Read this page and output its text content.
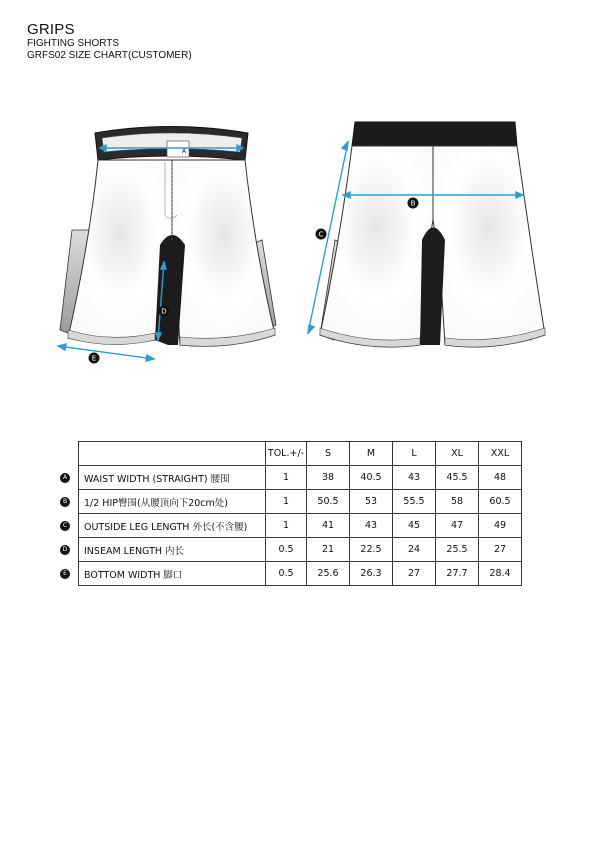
GRIPS
FIGHTING SHORTS
GRFS02 SIZE CHART(CUSTOMER)
A
B
C
D
E
A
B
C
D
E
	TOL.+/-	S	M	L	XL	XXL
WAIST WIDTH (STRAIGHT) 腰围	1	38	40.5	43	45.5	48
1/2 HIP臀围(从腰顶向下20cm处)	1	50.5	53	55.5	58	60.5
OUTSIDE LEG LENGTH 外长(不含腰)	1	41	43	45	47	49
INSEAM LENGTH 内长	0.5	21	22.5	24	25.5	27
BOTTOM WIDTH 脚口	0.5	25.6	26.3	27	27.7	28.4
